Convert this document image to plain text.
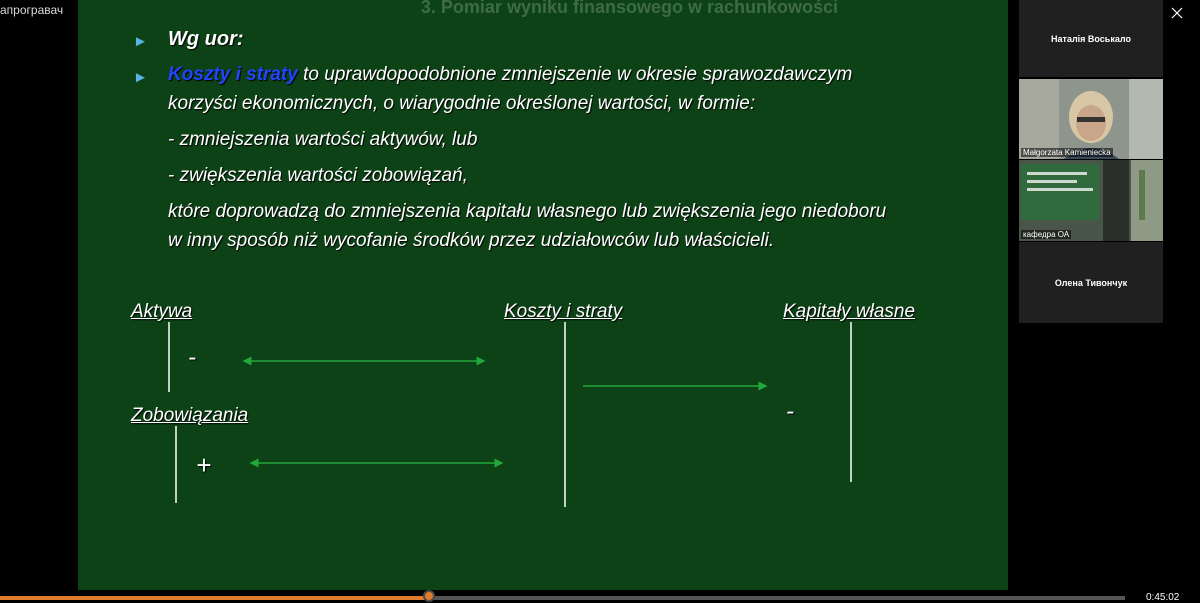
апрогравач	3. Pomiar wyniku finansowego w rachunkowości
► Wg uor:
► Koszty i straty to uprawdopodobnione zmniejszenie w okresie sprawozdawczym
korzyści ekonomicznych, o wiarygodnie określonej wartości, w formie:
- zmniejszenia wartości aktywów, lub
- zwiększenia wartości zobowiązań,
które doprowadzą do zmniejszenia kapitału własnego lub zwiększenia jego niedoboru
w inny sposób niż wycofanie środków przez udziałowców lub właścicieli.
Aktywa	Koszty i straty	Kapitały własne
Zobowiązania
-
+
-
Наталія Воськало
Małgorzata Kamieniecka
кафедра ОА
Олена Тивончук
0:45:02
